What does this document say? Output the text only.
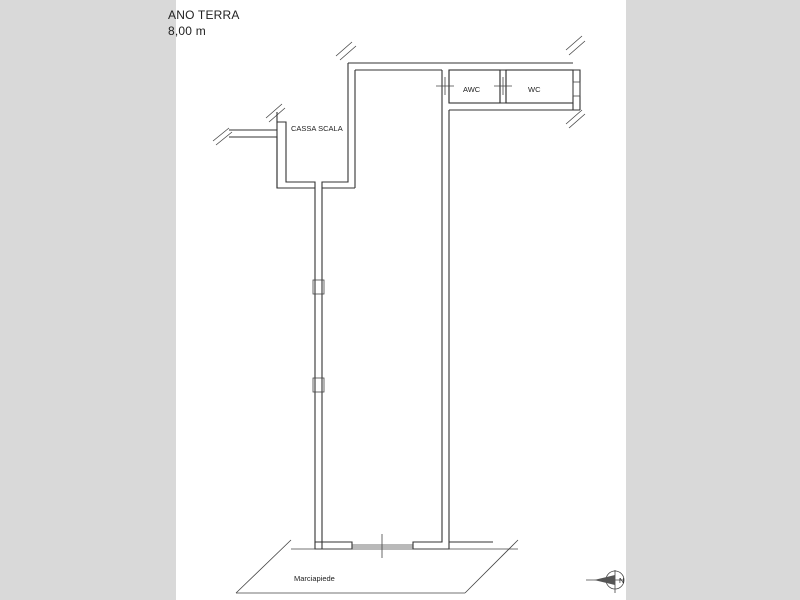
ANO TERRA
8,00 m
CASSA SCALA
AWC	WC
Marciapiede	N
